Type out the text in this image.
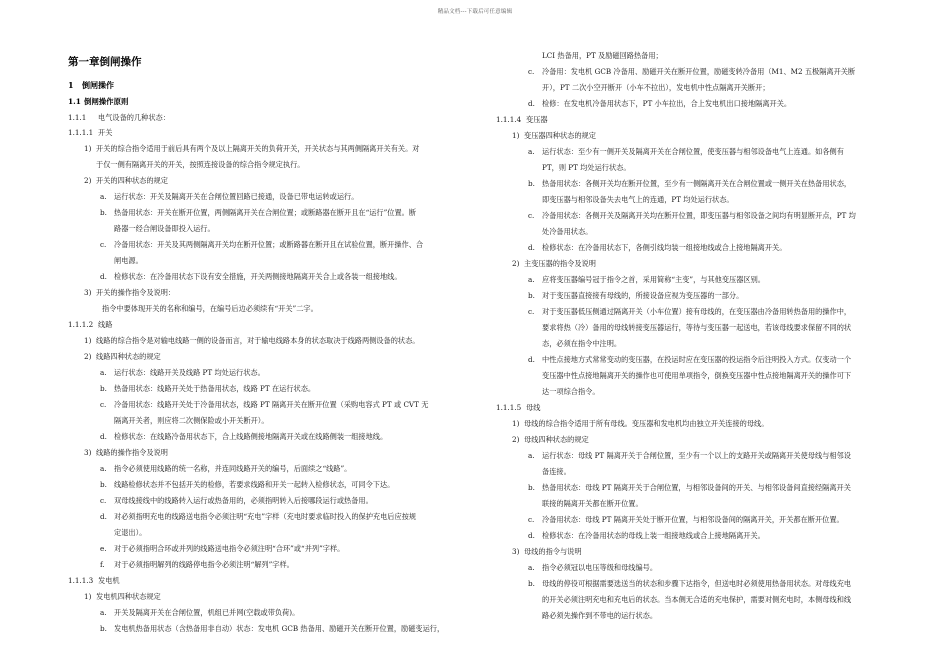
精品文档---下载后可任意编辑
第一章倒闸操作
1 倒闸操作
1.1 倒闸操作原则
1.1.1 电气设备的几种状态：
1.1.1.1 开关
1) 开关的综合指令适用于前后具有两个及以上隔离开关的负荷开关，开关状态与其两侧隔离开关有关。对
于仅一侧有隔离开关的开关，按照连接设备的综合指令规定执行。
2) 开关的四种状态的规定
a. 运行状态：开关及隔离开关在合闸位置回路已接通，设备已带电运转或运行。
b. 热备用状态：开关在断开位置，两侧隔离开关在合闸位置；或断路器在断开且在“运行”位置。断
路器一经合闸设备即投入运行。
c. 冷备用状态：开关及其两侧隔离开关均在断开位置；或断路器在断开且在试验位置，断开操作、合
闸电源。
d. 检修状态：在冷备用状态下设有安全措施，开关两侧接地隔离开关合上或各装一组接地线。
3) 开关的操作指令及说明：
指令中要体现开关的名称和编号，在编号后边必须续有“开关”二字。
1.1.1.2 线路
1) 线路的综合指令是对输电线路一侧的设备而言，对于输电线路本身的状态取决于线路两侧设备的状态。
2) 线路四种状态的规定
a. 运行状态：线路开关及线路 PT 均处运行状态。
b. 热备用状态：线路开关处于热备用状态，线路 PT 在运行状态。
c. 冷备用状态：线路开关处于冷备用状态，线路 PT 隔离开关在断开位置（采购电容式 PT 或 CVT 无
隔离开关者，则应将二次侧保险或小开关断开）。
d. 检修状态：在线路冷备用状态下，合上线路侧接地隔离开关或在线路侧装一组接地线。
3) 线路的操作指令及说明
a. 指令必须使用线路的统一名称，并连同线路开关的编号，后面续之“线路”。
b. 线路检修状态并不包括开关的检修，若要求线路和开关一起转入检修状态，可同令下达。
c. 双母线接线中的线路转入运行或热备用的，必须指明转入后接哪段运行或热备用。
d. 对必须指明充电的线路送电指令必须注明“充电”字样（充电时要求临时投入的保护充电后应按规
定退出）。
e. 对于必须指明合环或并列的线路送电指令必须注明“合环”或“并列”字样。
f. 对于必须指明解列的线路停电指令必须注明“解列”字样。
1.1.1.3 发电机
1) 发电机四种状态规定
a. 开关及隔离开关在合闸位置，机组已并网(空载或带负荷)。
b. 发电机热备用状态（含热备用非自动）状态：发电机 GCB 热备用、励磁开关在断开位置，励磁变运行，
LCI 热备用，PT 及励磁回路热备用；
c. 冷备用：发电机 GCB 冷备用、励磁开关在断开位置，励磁变转冷备用（M1、M2 五极隔离开关断
开），PT 二次小空开断开（小车不拉出），发电机中性点隔离开关断开；
d. 检修：在发电机冷备用状态下，PT 小车拉出，合上发电机出口接地隔离开关。
1.1.1.4 变压器
1) 变压器四种状态的规定
a. 运行状态：至少有一侧开关及隔离开关在合闸位置，使变压器与相邻设备电气上连通。如各侧有
PT，则 PT 均处运行状态。
b. 热备用状态：各侧开关均在断开位置，至少有一侧隔离开关在合闸位置或一侧开关在热备用状态，
即变压器与相邻设备失去电气上的连通，PT 均处运行状态。
c. 冷备用状态：各侧开关及隔离开关均在断开位置，即变压器与相邻设备之间均有明显断开点，PT 均
处冷备用状态。
d. 检修状态：在冷备用状态下，各侧引线均装一组接地线或合上接地隔离开关。
2) 主变压器的指令及说明
a. 应将变压器编号冠于指令之首，采用简称“主变”，与其他变压器区别。
b. 对于变压器直接接有母线的，所接设备应视为变压器的一部分。
c. 对于变压器低压侧通过隔离开关（小车位置）接有母线的，在变压器由冷备用转热备用的操作中，
要求将热（冷）备用的母线转接变压器运行，等待与变压器一起送电，若该母线要求保留不同的状
态，必须在指令中注明。
d. 中性点接地方式常常变动的变压器，在投运时应在变压器的投运指令后注明投入方式。仅变动一个
变压器中性点接地隔离开关的操作也可使用单项指令，倒换变压器中性点接地隔离开关的操作可下
达一项综合指令。
1.1.1.5 母线
1) 母线的综合指令适用于所有母线。变压器和发电机均由独立开关连接的母线。
2) 母线四种状态的规定
a. 运行状态：母线 PT 隔离开关于合闸位置，至少有一个以上的支路开关或隔离开关使母线与相邻设
备连接。
b. 热备用状态：母线 PT 隔离开关于合闸位置，与相邻设备间的开关、与相邻设备间直接经隔离开关
联接的隔离开关都在断开位置。
c. 冷备用状态：母线 PT 隔离开关处于断开位置，与相邻设备间的隔离开关，开关都在断开位置。
d. 检修状态：在冷备用状态的母线上装一组接地线或合上接地隔离开关。
3) 母线的指令与说明
a. 指令必须冠以电压等级和母线编号。
b. 母线的停役可根据需要选送当的状态和步骤下达指令，但送电时必须使用热备用状态。对母线充电
的开关必须注明充电和充电后的状态。当本侧无合适的充电保护，需要对侧充电时，本侧母线和线
路必须先操作到不带电的运行状态。
